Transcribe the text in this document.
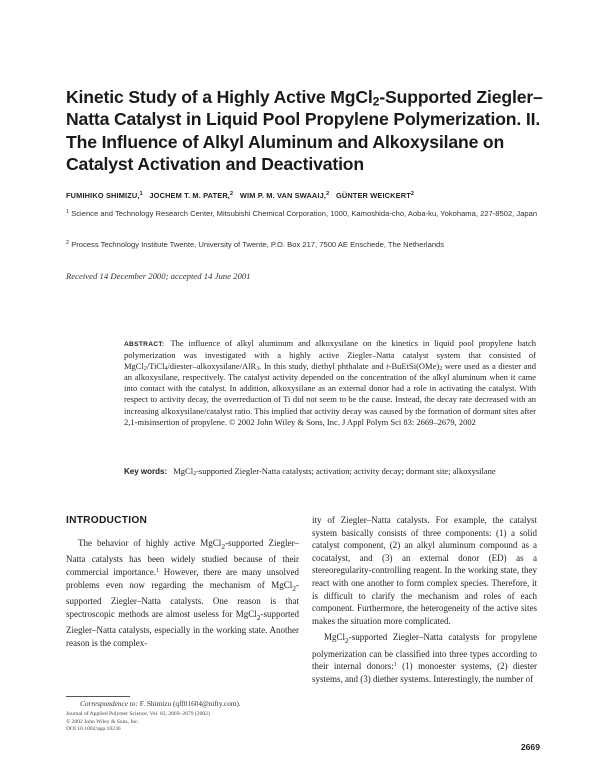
Kinetic Study of a Highly Active MgCl$_2$-Supported Ziegler–Natta Catalyst in Liquid Pool Propylene Polymerization. II. The Influence of Alkyl Aluminum and Alkoxysilane on Catalyst Activation and Deactivation
FUMIHIKO SHIMIZU,$^1$ JOCHEM T. M. PATER,$^2$ WIM P. M. VAN SWAAIJ,$^2$ GÜNTER WEICKERT$^2$
$^1$ Science and Technology Research Center, Mitsubishi Chemical Corporation, 1000, Kamoshida-cho, Aoba-ku, Yokohama, 227-8502, Japan
$^2$ Process Technology Institute Twente, University of Twente, P.O. Box 217, 7500 AE Enschede, The Netherlands
Received 14 December 2000; accepted 14 June 2001
ABSTRACT: The influence of alkyl aluminum and alkoxysilane on the kinetics in liquid pool propylene batch polymerization was investigated with a highly active Ziegler–Natta catalyst system that consisted of MgCl$_2$/TiCl$_4$/diester–alkoxysilane/AlR$_3$. In this study, diethyl phthalate and $t-BuEtSi(OMe)_2$ were used as a diester and an alkoxysilane, respectively. The catalyst activity depended on the concentration of the alkyl aluminum when it came into contact with the catalyst. In addition, alkoxysilane as an external donor had a role in activating the catalyst. With respect to activity decay, the overreduction of Ti did not seem to be the cause. Instead, the decay rate decreased with an increasing alkoxysilane/catalyst ratio. This implied that activity decay was caused by the formation of dormant sites after 2,1-misinsertion of propylene. © 2002 John Wiley & Sons, Inc. J Appl Polym Sci 83: 2669–2679, 2002
Key words: MgCl$_2$-supported Ziegler-Natta catalysts; activation; activity decay; dormant site; alkoxysilane
INTRODUCTION

The behavior of highly active MgCl$_2$-supported Ziegler–Natta catalysts has been widely studied because of their commercial importance.$^1$ However, there are many unsolved problems even now regarding the mechanism of MgCl$_2$-supported Ziegler–Natta catalysts. One reason is that spectroscopic methods are almost useless for MgCl$_2$-supported Ziegler–Natta catalysts, especially in the working state. Another reason is the complex-

ity of Ziegler–Natta catalysts. For example, the catalyst system basically consists of three components: (1) a solid catalyst component, (2) an alkyl aluminum compound as a cocatalyst, and (3) an external donor (ED) as a stereoregularity-controlling reagent. In the working state, they react with one another to form complex species. Therefore, it is difficult to clarify the mechanism and roles of each component. Furthermore, the heterogeneity of the active sites makes the situation more complicated.

MgCl$_2$-supported Ziegler–Natta catalysts for propylene polymerization can be classified into three types according to their internal donors:$^1$ (1) monoester systems, (2) diester systems, and (3) diether systems. Interestingly, the number of

Correspondence to: F. Shimizu (qff01604@nifty.com).
Journal of Applied Polymer Science, Vol. 83, 2669–2679 (2002)
© 2002 John Wiley & Sons, Inc.
DOI 10.1002/app.10236
2669
